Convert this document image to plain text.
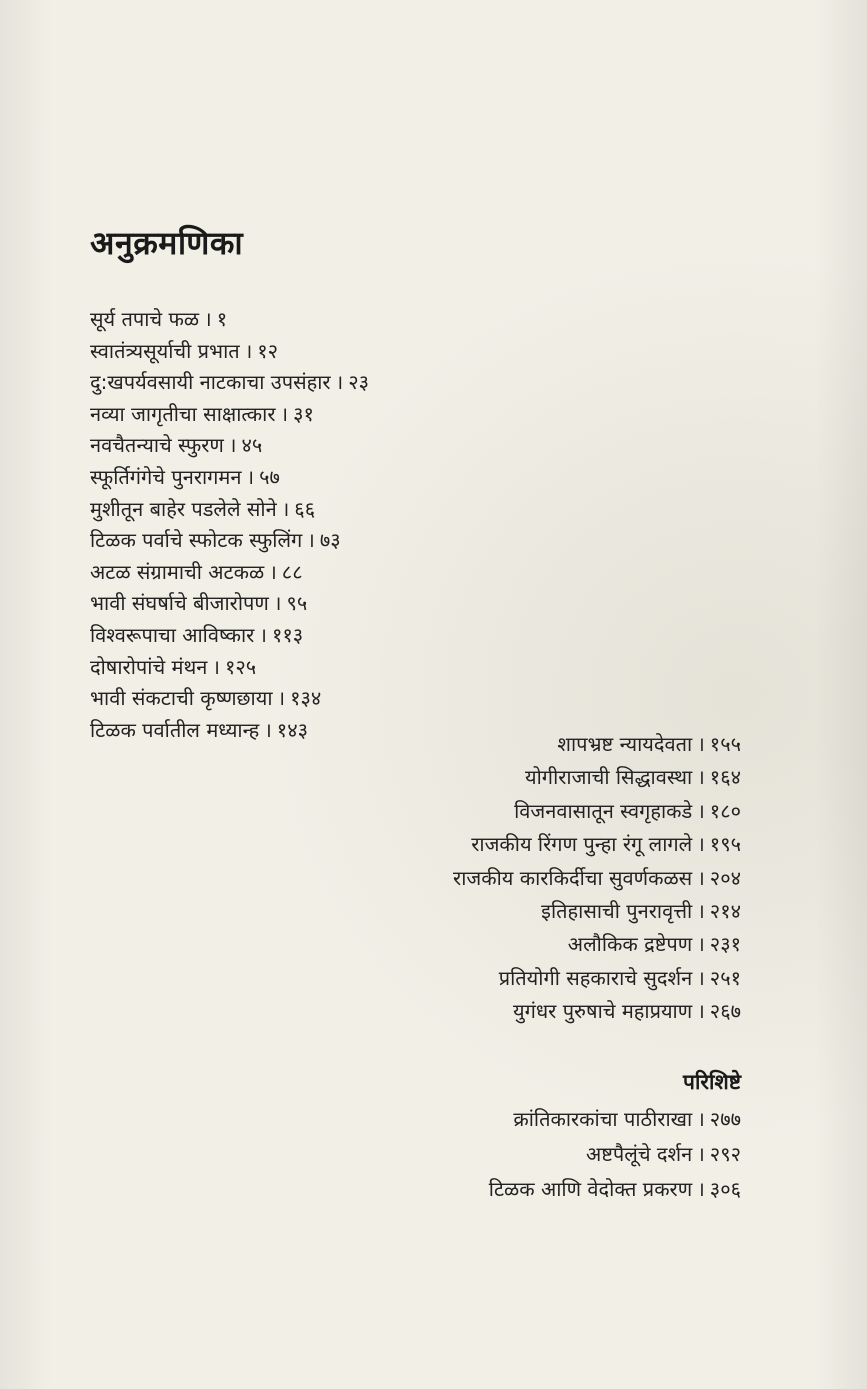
अनुक्रमणिका
सूर्य तपाचे फळ । १
स्वातंत्र्यसूर्याची प्रभात । १२
दु:खपर्यवसायी नाटकाचा उपसंहार । २३
नव्या जागृतीचा साक्षात्कार । ३१
नवचैतन्याचे स्फुरण । ४५
स्फूर्तिगंगेचे पुनरागमन । ५७
मुशीतून बाहेर पडलेले सोने । ६६
टिळक पर्वाचे स्फोटक स्फुलिंग । ७३
अटळ संग्रामाची अटकळ । ८८
भावी संघर्षाचे बीजारोपण । ९५
विश्वरूपाचा आविष्कार । ११३
दोषारोपांचे मंथन । १२५
भावी संकटाची कृष्णछाया । १३४
टिळक पर्वातील मध्यान्ह । १४३
शापभ्रष्ट न्यायदेवता । १५५
योगीराजाची सिद्धावस्था । १६४
विजनवासातून स्वगृहाकडे । १८०
राजकीय रिंगण पुन्हा रंगू लागले । १९५
राजकीय कारकिर्दीचा सुवर्णकळस । २०४
इतिहासाची पुनरावृत्ती । २१४
अलौकिक द्रष्टेपण । २३१
प्रतियोगी सहकाराचे सुदर्शन । २५१
युगंधर पुरुषाचे महाप्रयाण । २६७
परिशिष्टे
क्रांतिकारकांचा पाठीराखा । २७७
अष्टपैलूंचे दर्शन । २९२
टिळक आणि वेदोक्त प्रकरण । ३०६
